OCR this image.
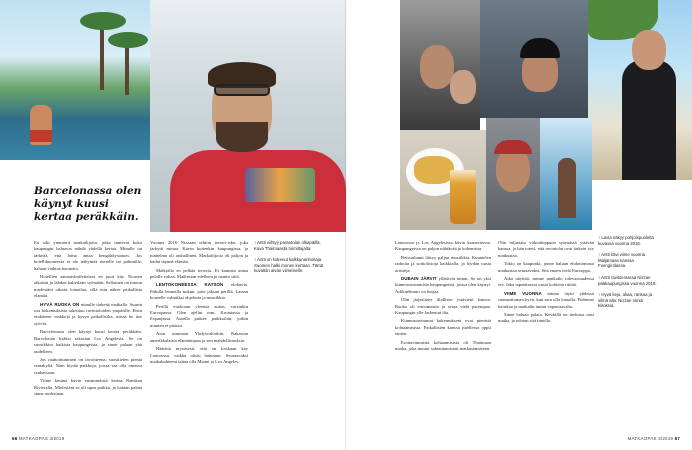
Barcelonassa olen käynyt kuusi kertaa peräkkäin.

En silti ymmärrä matkailijoita, jotka tuntevat koko kaupungin haluavat nähdä yhdellä kertaa. Minulle on tärkeää, että loma antaa hengähdystauon. Jos hotellihuoneesta ei ole näkymää merelle tai palmuille, haluan vaihtaa huonetta.

Hotellien aamiaisbuffetteissa en juuri käy. Nousen aikaisin ja lähden kahvilaan syömään. Sellainen on minun mielestäni oikeaa lomailua, sillä niin näkee paikallista elämää.

HYVÄ RUOKA ON minulle tärkeää matkalla. Suurin osa kokemuksista rakentuu ravintoloiden ympärille. Etsin etukäteen vinkkejä ja kysyn paikallisilta, missä he itse syövät.

Barcelonassa olen käynyt kuusi kertaa peräkkäin. Barcelonan lisäksi rakastan Los Angelesia. Se on suosikkini kaikista kaupungeista, ja sinne palaan yhä uudelleen.

Jos rauhoittuminen on tavoitteena, suosittelen pieniä rantakyliä. Näin löytää paikkoja, joissa saa olla omassa rauhassaan.

Viime kesänä kävin ensimmäistä kertaa Ranskan Rivieralla. Mielestäni se oli upea paikka, ja haluan palata sinne uudestaan.

Vuonna 2016 Nizzaan tehtiin terrori-isku, joka järkytti minua. Kävin kuitenkin kaupungissa, ja tunnelma oli rauhallinen. Matkailijoita oli paljon ja kadut täynnä elämää.

Matkoilla en pelkää terroria. Ei kannata antaa pelolle valtaa. Matkustan edelleen ja nautin siitä.

LENTOKONEESSA KATSON elokuvia. Pitkillä lennoilla nukun, jotta jaksan perillä. Lataan koneelle valmiiksi ohjelmia ja musiikkia.

Perillä vuokraan yleensä auton, varsinkin Euroopassa. Olen ajellut mm. Kroatiassa ja Espanjassa. Autolla pääsee paikkoihin, joihin muuten ei pääsisi.

Aion asumaan Yhdysvaltoihin. Rakastan amerikkalaista elämäntapaa ja sen mahdollisuuksia.

Häärittä mystisesti, että en koskaan käy Lontoossa, vaikka olisin halunnut. Seuraavaksi matkakohteeni taitaa olla Miami ja Los Angeles.

↑ Antti viihtyy parantolan olkapäillä. Kuva Thaimaasta toimittajalta.
↑ Antti on kokenut kalkkunanhoitaja. Suomen halki monen kertaan. Tämä kuvattiin aivan viimeiselle.

Lontoossa ja Los Angelesissa kävin konserteissa. Kaupungeissa on paljon nähtävää ja kokemista.

Reissailuuni liittyy paljon musiikkia. Kuuntelen radioita ja soittolistoja kaikkialla, ja löydän uusia artisteja.

DUBAIN JÄRVIT yllättivät minut. Se on yksi kiinnostavimmista kaupungeista, joissa olen käynyt. Arkkitehtuuri on hurjaa.

Olin järjestänyt illallisen ystävieni kanssa. Ruoka oli erinomaista ja seura vielä parempaa. Kaupungin ylle laskeutui ilta.

Kiinnostavimmat kokemukseni ovat pienistä kohtaamisista. Paikallisten kanssa jutellessa oppii eniten.

Erottavimmista kohtaamisista oli Thaimaan matka, joka muutti suhtautumiseni matkustamiseen.

Olin hiljattain viikonloppuna syömässä ystävän kanssa, ja hän totesi, että ravintolat ovat tärkein syy matkustaa.

Tokio on kaupunki, jonne haluan ehdottomasti matkustaa seuraavaksi. Sitä ennen vielä Eurooppa.

Aika näyttää, minne matkailu tulevaisuudessa vie. Joka tapauksessa uusia kohteita riittää.

VIIME VUONNA minua täytti yhdessä suunnattoman hyvä, kun sain olla lomalla. Pidimme hauskaa ja matkailu tuntui vapauttavalta.

Sinne haluan palata. Keväällä on tiedossa uusi matka, ja odotan sitä innolla.

↑ Lavia näkyy pohjoispuolelta kuvassa vuonna 2016.
↑ Antti kävi viime vuonna Maljamaan kanssa Fuengirolassa.
↑ Antti ravitsemassa Nizzan pääkaupungissa vuonna 2018.
↑ Hyvä keju, aluta, rankaa ja silmä alla: Nizzan nimiä kiitoksia.
66 MATKAOPAS 3/2019	MATKAOPAS 3/2019 67
